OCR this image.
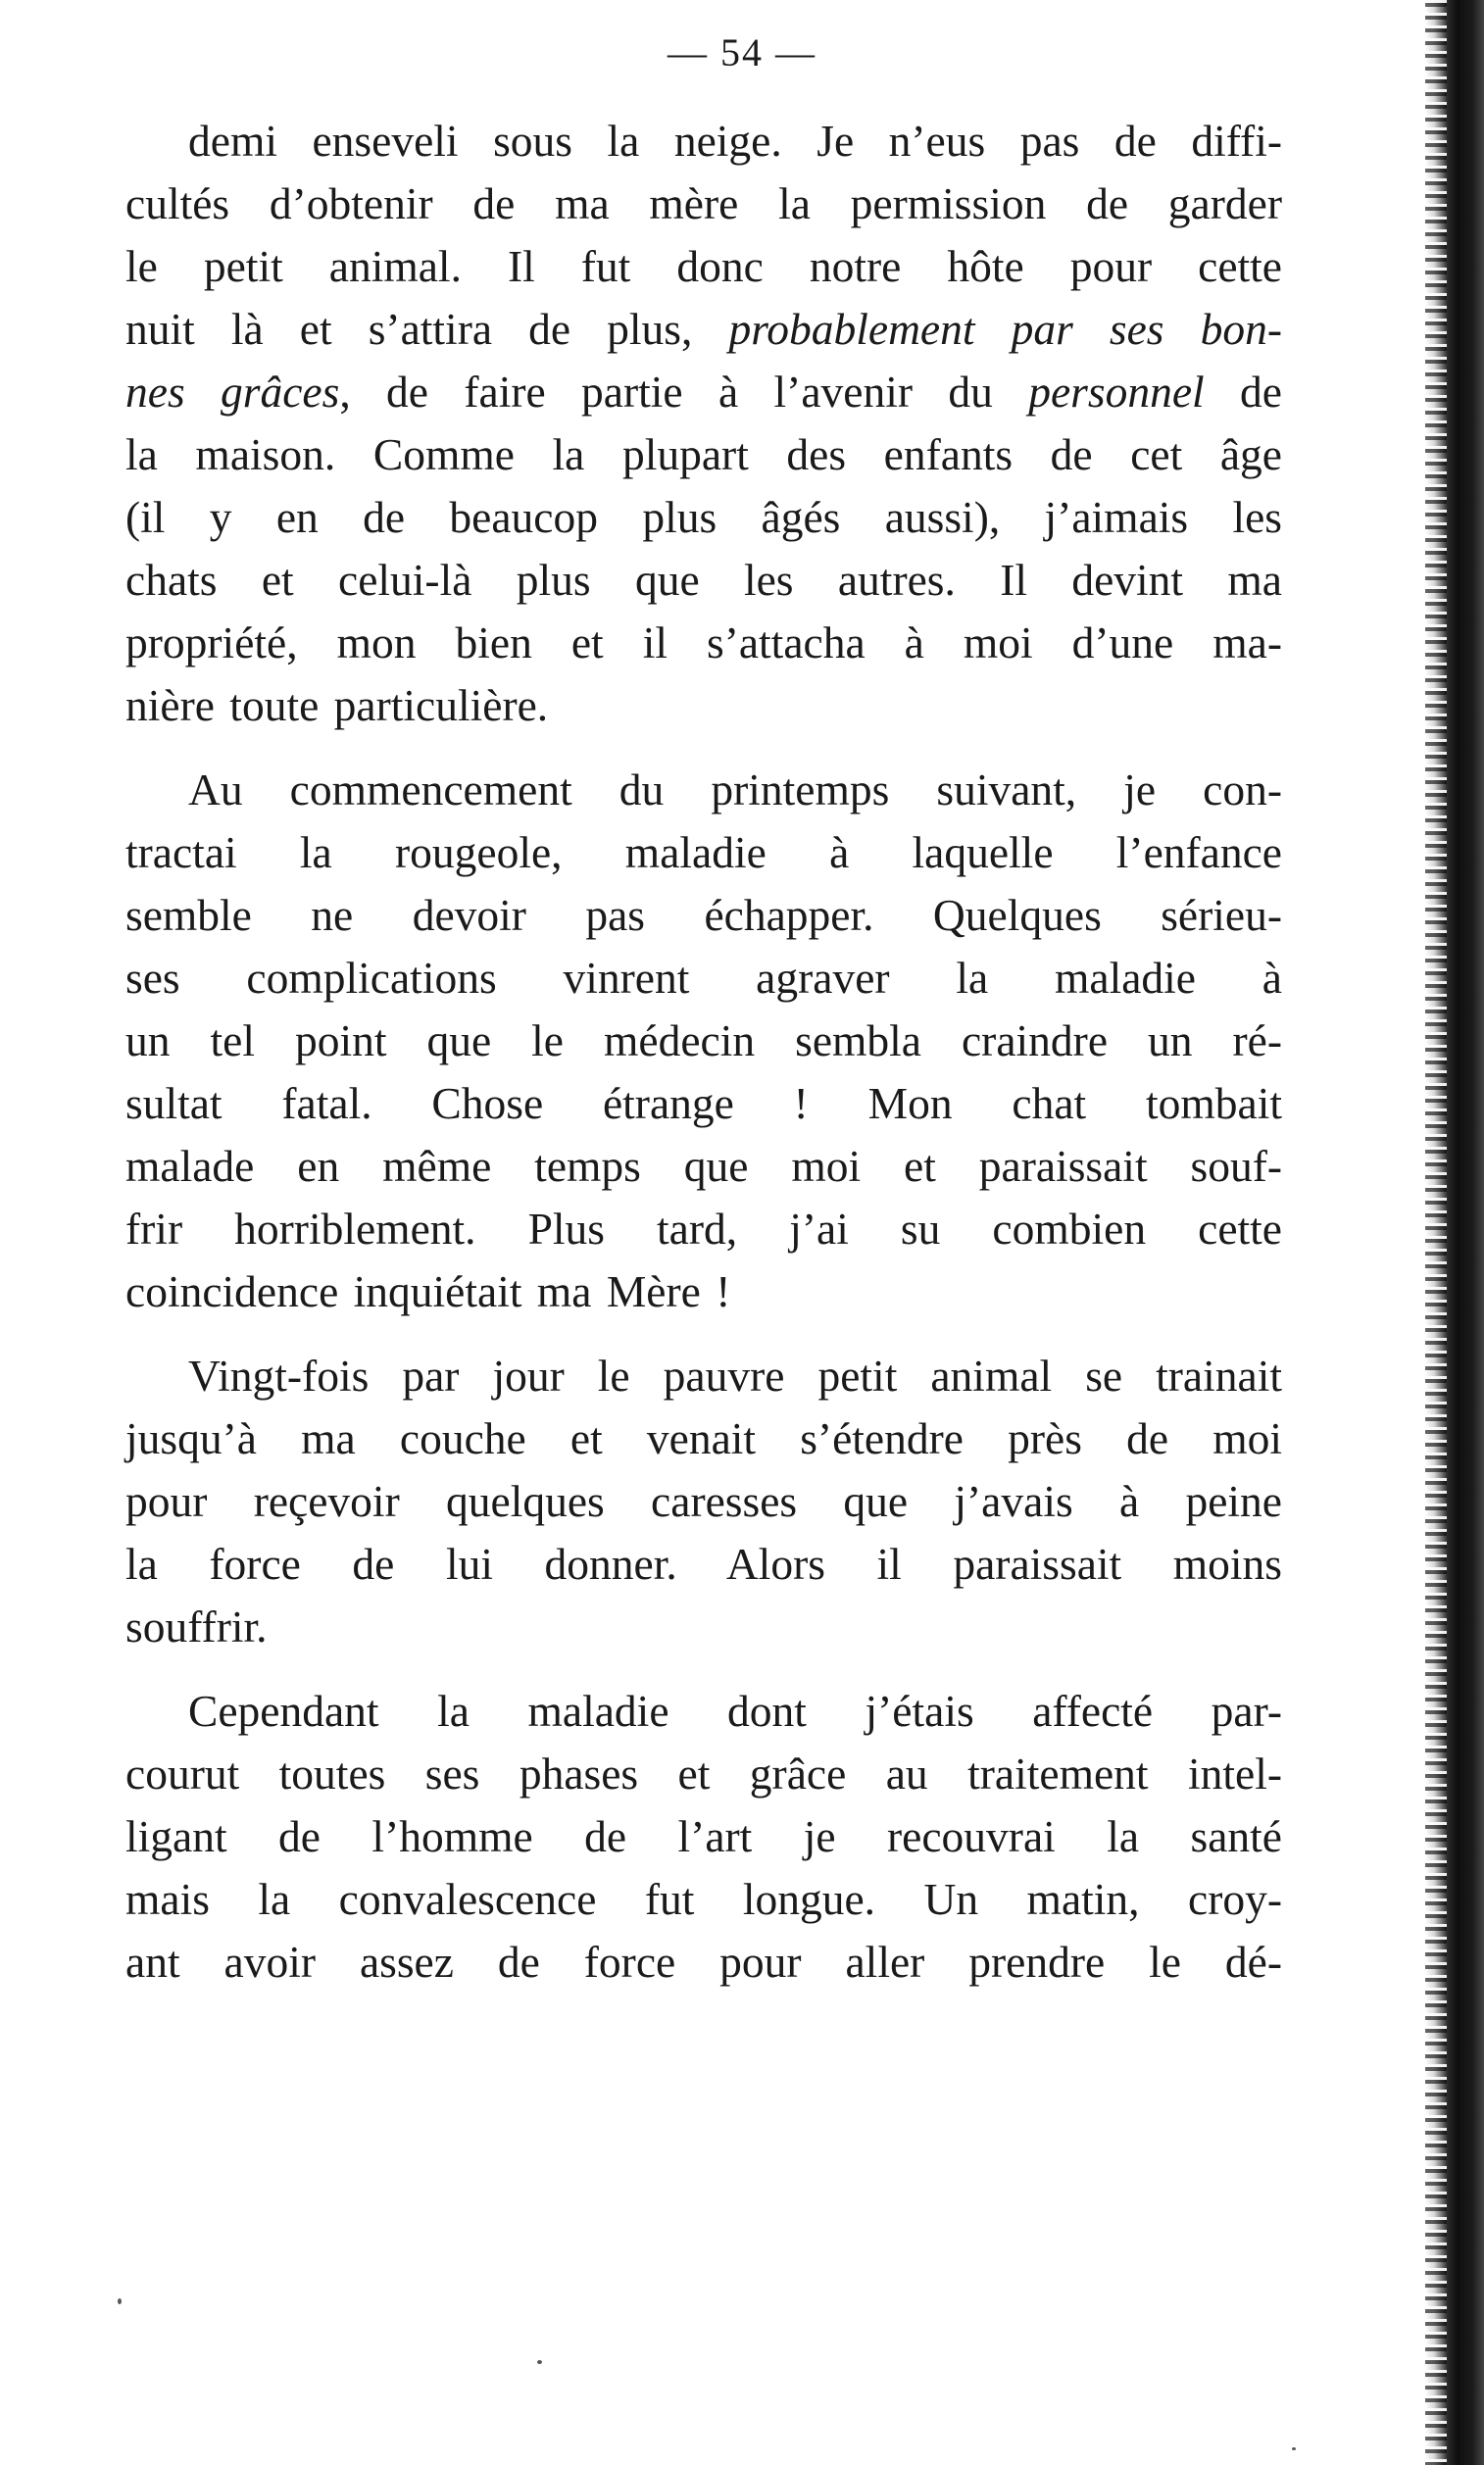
— 54 —
demi enseveli sous la neige. Je n’eus pas de diffi-
cultés d’obtenir de ma mère la permission de garder
le petit animal. Il fut donc notre hôte pour cette
nuit là et s’attira de plus, probablement par ses bon-
nes grâces, de faire partie à l’avenir du personnel de
la maison. Comme la plupart des enfants de cet âge
(il y en de beaucop plus âgés aussi), j’aimais les
chats et celui-là plus que les autres. Il devint ma
propriété, mon bien et il s’attacha à moi d’une ma-
nière toute particulière.
Au commencement du printemps suivant, je con-
tractai la rougeole, maladie à laquelle l’enfance
semble ne devoir pas échapper. Quelques sérieu-
ses complications vinrent agraver la maladie à
un tel point que le médecin sembla craindre un ré-
sultat fatal. Chose étrange ! Mon chat tombait
malade en même temps que moi et paraissait souf-
frir horriblement. Plus tard, j’ai su combien cette
coincidence inquiétait ma Mère !
Vingt-fois par jour le pauvre petit animal se trainait
jusqu’à ma couche et venait s’étendre près de moi
pour reçevoir quelques caresses que j’avais à peine
la force de lui donner. Alors il paraissait moins
souffrir.
Cependant la maladie dont j’étais affecté par-
courut toutes ses phases et grâce au traitement intel-
ligant de l’homme de l’art je recouvrai la santé
mais la convalescence fut longue. Un matin, croy-
ant avoir assez de force pour aller prendre le dé-
